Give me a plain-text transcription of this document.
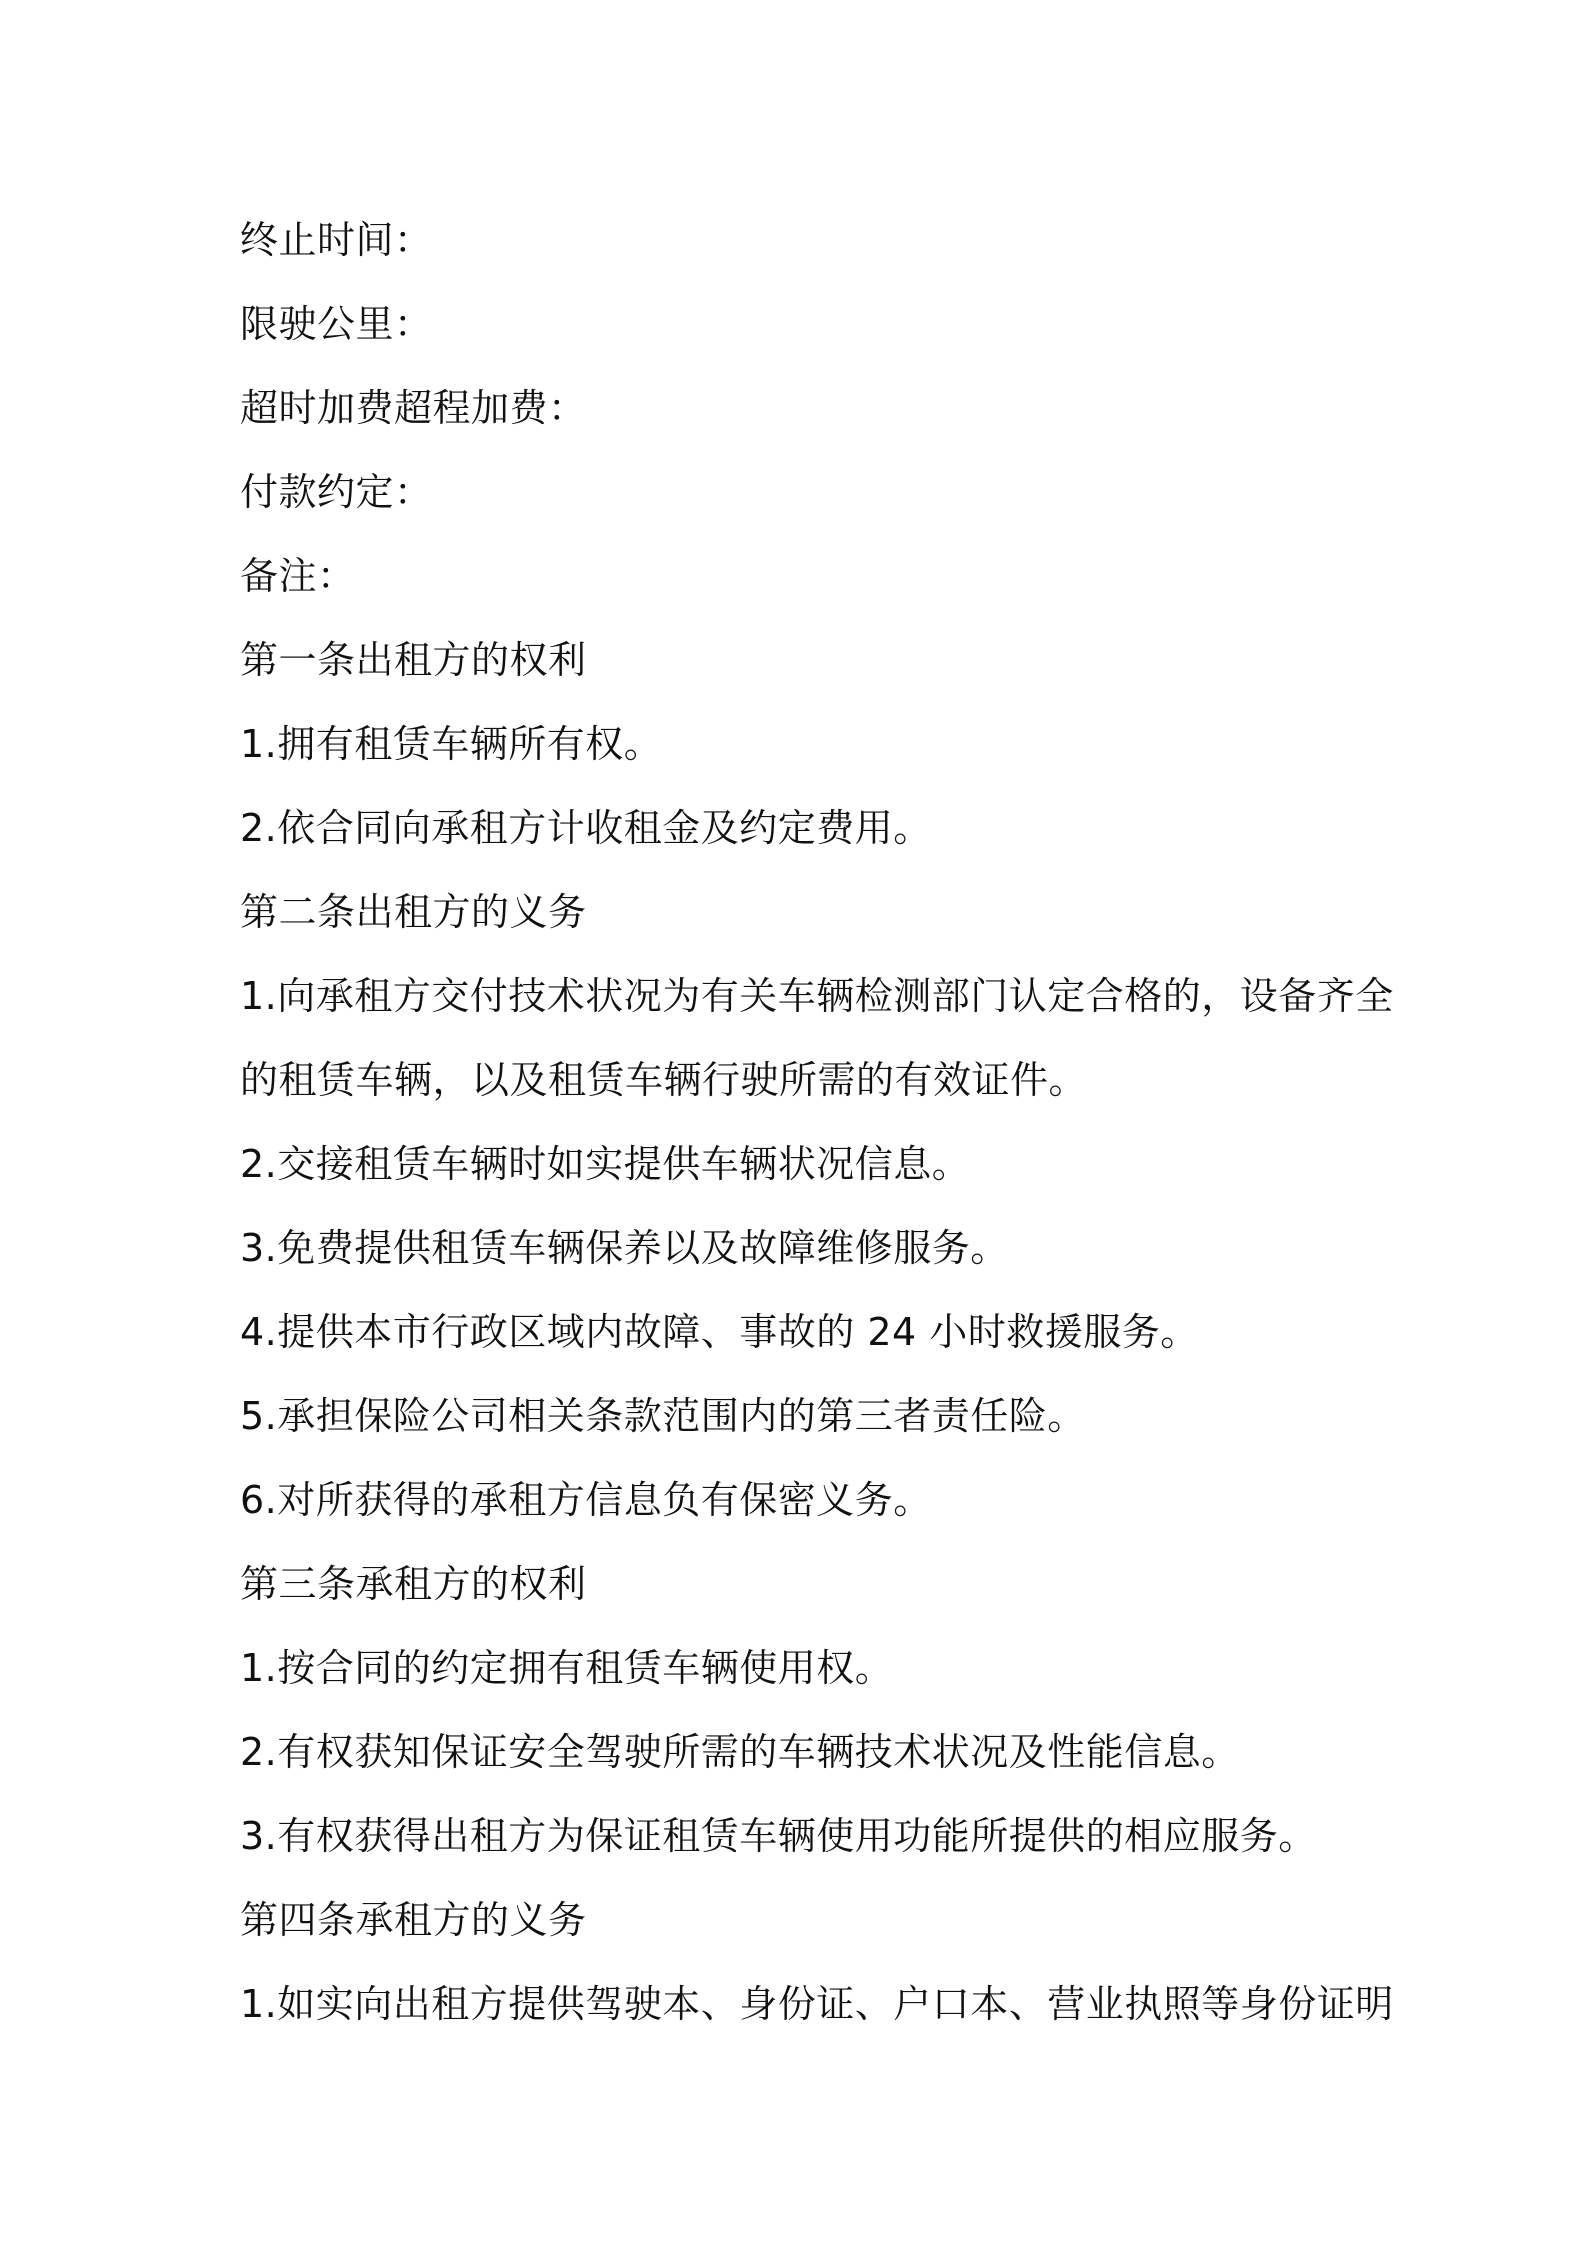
终止时间：
限驶公里：
超时加费超程加费：
付款约定：
备注：
第一条出租方的权利
1.拥有租赁车辆所有权。
2.依合同向承租方计收租金及约定费用。
第二条出租方的义务
1.向承租方交付技术状况为有关车辆检测部门认定合格的，设备齐全
的租赁车辆，以及租赁车辆行驶所需的有效证件。
2.交接租赁车辆时如实提供车辆状况信息。
3.免费提供租赁车辆保养以及故障维修服务。
4.提供本市行政区域内故障、事故的 24 小时救援服务。
5.承担保险公司相关条款范围内的第三者责任险。
6.对所获得的承租方信息负有保密义务。
第三条承租方的权利
1.按合同的约定拥有租赁车辆使用权。
2.有权获知保证安全驾驶所需的车辆技术状况及性能信息。
3.有权获得出租方为保证租赁车辆使用功能所提供的相应服务。
第四条承租方的义务
1.如实向出租方提供驾驶本、身份证、户口本、营业执照等身份证明
